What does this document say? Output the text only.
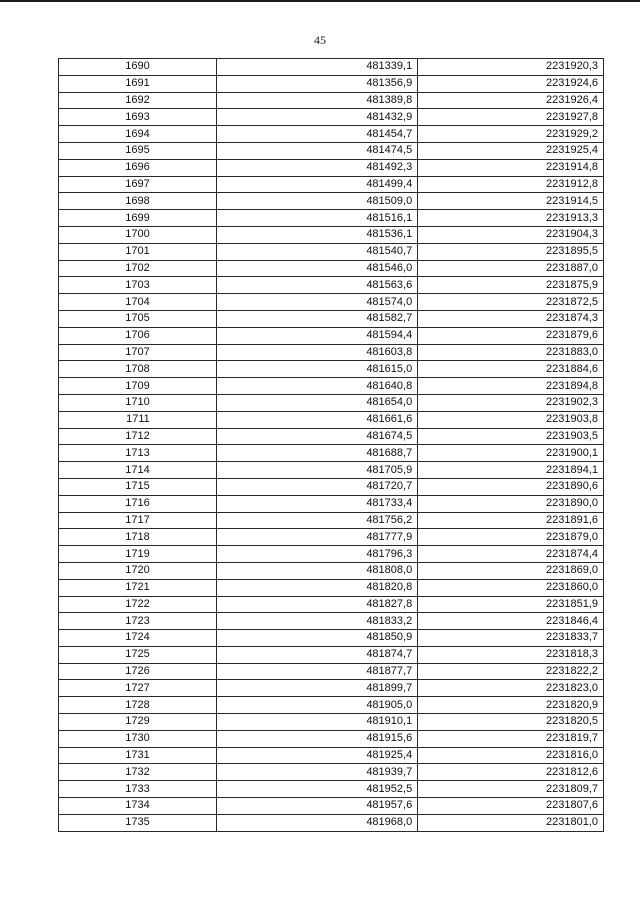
45
1690	481339,1	2231920,3
1691	481356,9	2231924,6
1692	481389,8	2231926,4
1693	481432,9	2231927,8
1694	481454,7	2231929,2
1695	481474,5	2231925,4
1696	481492,3	2231914,8
1697	481499,4	2231912,8
1698	481509,0	2231914,5
1699	481516,1	2231913,3
1700	481536,1	2231904,3
1701	481540,7	2231895,5
1702	481546,0	2231887,0
1703	481563,6	2231875,9
1704	481574,0	2231872,5
1705	481582,7	2231874,3
1706	481594,4	2231879,6
1707	481603,8	2231883,0
1708	481615,0	2231884,6
1709	481640,8	2231894,8
1710	481654,0	2231902,3
1711	481661,6	2231903,8
1712	481674,5	2231903,5
1713	481688,7	2231900,1
1714	481705,9	2231894,1
1715	481720,7	2231890,6
1716	481733,4	2231890,0
1717	481756,2	2231891,6
1718	481777,9	2231879,0
1719	481796,3	2231874,4
1720	481808,0	2231869,0
1721	481820,8	2231860,0
1722	481827,8	2231851,9
1723	481833,2	2231846,4
1724	481850,9	2231833,7
1725	481874,7	2231818,3
1726	481877,7	2231822,2
1727	481899,7	2231823,0
1728	481905,0	2231820,9
1729	481910,1	2231820,5
1730	481915,6	2231819,7
1731	481925,4	2231816,0
1732	481939,7	2231812,6
1733	481952,5	2231809,7
1734	481957,6	2231807,6
1735	481968,0	2231801,0
